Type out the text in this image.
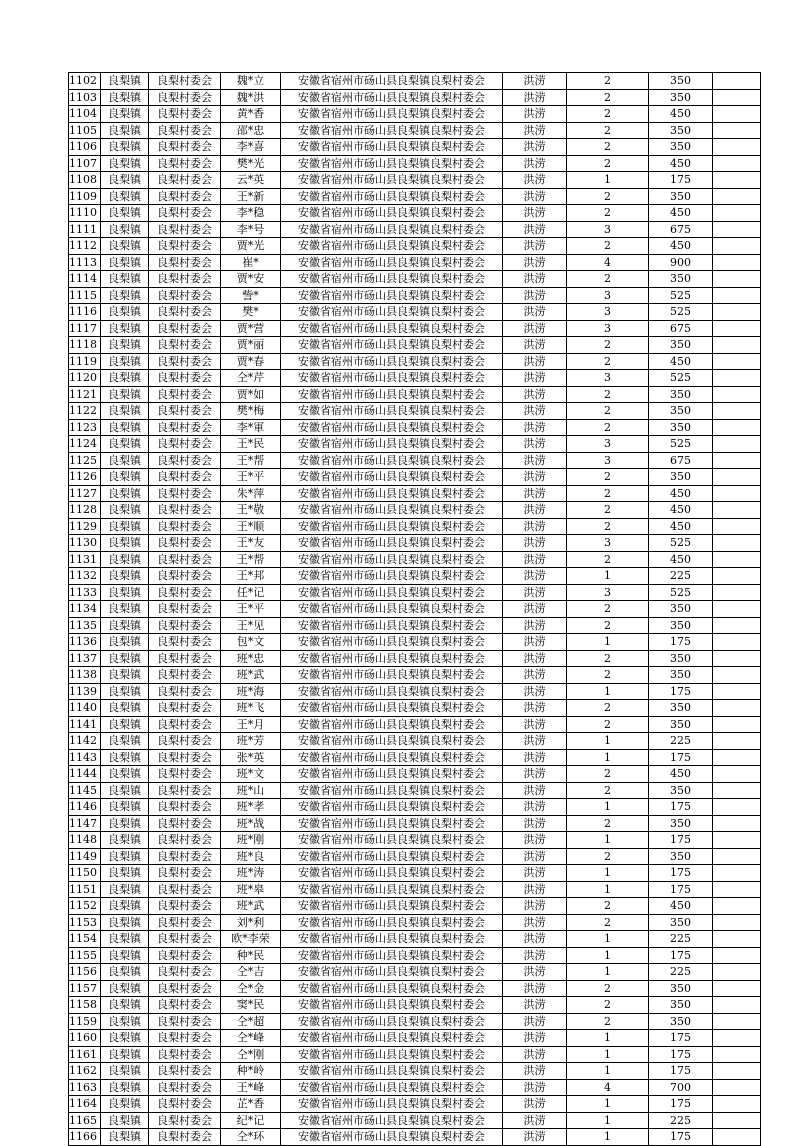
1102	良梨镇	良梨村委会	魏*立	安徽省宿州市砀山县良梨镇良梨村委会	洪涝	2	350	
1103	良梨镇	良梨村委会	魏*洪	安徽省宿州市砀山县良梨镇良梨村委会	洪涝	2	350	
1104	良梨镇	良梨村委会	黄*香	安徽省宿州市砀山县良梨镇良梨村委会	洪涝	2	450	
1105	良梨镇	良梨村委会	邵*忠	安徽省宿州市砀山县良梨镇良梨村委会	洪涝	2	350	
1106	良梨镇	良梨村委会	李*喜	安徽省宿州市砀山县良梨镇良梨村委会	洪涝	2	350	
1107	良梨镇	良梨村委会	樊*光	安徽省宿州市砀山县良梨镇良梨村委会	洪涝	2	450	
1108	良梨镇	良梨村委会	云*英	安徽省宿州市砀山县良梨镇良梨村委会	洪涝	1	175	
1109	良梨镇	良梨村委会	王*新	安徽省宿州市砀山县良梨镇良梨村委会	洪涝	2	350	
1110	良梨镇	良梨村委会	李*稳	安徽省宿州市砀山县良梨镇良梨村委会	洪涝	2	450	
1111	良梨镇	良梨村委会	李*号	安徽省宿州市砀山县良梨镇良梨村委会	洪涝	3	675	
1112	良梨镇	良梨村委会	贾*光	安徽省宿州市砀山县良梨镇良梨村委会	洪涝	2	450	
1113	良梨镇	良梨村委会	崔*	安徽省宿州市砀山县良梨镇良梨村委会	洪涝	4	900	
1114	良梨镇	良梨村委会	贾*安	安徽省宿州市砀山县良梨镇良梨村委会	洪涝	2	350	
1115	良梨镇	良梨村委会	訾*	安徽省宿州市砀山县良梨镇良梨村委会	洪涝	3	525	
1116	良梨镇	良梨村委会	樊*	安徽省宿州市砀山县良梨镇良梨村委会	洪涝	3	525	
1117	良梨镇	良梨村委会	贾*营	安徽省宿州市砀山县良梨镇良梨村委会	洪涝	3	675	
1118	良梨镇	良梨村委会	贾*丽	安徽省宿州市砀山县良梨镇良梨村委会	洪涝	2	350	
1119	良梨镇	良梨村委会	贾*春	安徽省宿州市砀山县良梨镇良梨村委会	洪涝	2	450	
1120	良梨镇	良梨村委会	仝*芹	安徽省宿州市砀山县良梨镇良梨村委会	洪涝	3	525	
1121	良梨镇	良梨村委会	贾*如	安徽省宿州市砀山县良梨镇良梨村委会	洪涝	2	350	
1122	良梨镇	良梨村委会	樊*梅	安徽省宿州市砀山县良梨镇良梨村委会	洪涝	2	350	
1123	良梨镇	良梨村委会	李*軍	安徽省宿州市砀山县良梨镇良梨村委会	洪涝	2	350	
1124	良梨镇	良梨村委会	王*民	安徽省宿州市砀山县良梨镇良梨村委会	洪涝	3	525	
1125	良梨镇	良梨村委会	王*帮	安徽省宿州市砀山县良梨镇良梨村委会	洪涝	3	675	
1126	良梨镇	良梨村委会	王*平	安徽省宿州市砀山县良梨镇良梨村委会	洪涝	2	350	
1127	良梨镇	良梨村委会	朱*萍	安徽省宿州市砀山县良梨镇良梨村委会	洪涝	2	450	
1128	良梨镇	良梨村委会	王*敬	安徽省宿州市砀山县良梨镇良梨村委会	洪涝	2	450	
1129	良梨镇	良梨村委会	王*顺	安徽省宿州市砀山县良梨镇良梨村委会	洪涝	2	450	
1130	良梨镇	良梨村委会	王*友	安徽省宿州市砀山县良梨镇良梨村委会	洪涝	3	525	
1131	良梨镇	良梨村委会	王*帮	安徽省宿州市砀山县良梨镇良梨村委会	洪涝	2	450	
1132	良梨镇	良梨村委会	王*邦	安徽省宿州市砀山县良梨镇良梨村委会	洪涝	1	225	
1133	良梨镇	良梨村委会	任*记	安徽省宿州市砀山县良梨镇良梨村委会	洪涝	3	525	
1134	良梨镇	良梨村委会	王*平	安徽省宿州市砀山县良梨镇良梨村委会	洪涝	2	350	
1135	良梨镇	良梨村委会	王*见	安徽省宿州市砀山县良梨镇良梨村委会	洪涝	2	350	
1136	良梨镇	良梨村委会	包*文	安徽省宿州市砀山县良梨镇良梨村委会	洪涝	1	175	
1137	良梨镇	良梨村委会	班*忠	安徽省宿州市砀山县良梨镇良梨村委会	洪涝	2	350	
1138	良梨镇	良梨村委会	班*武	安徽省宿州市砀山县良梨镇良梨村委会	洪涝	2	350	
1139	良梨镇	良梨村委会	班*海	安徽省宿州市砀山县良梨镇良梨村委会	洪涝	1	175	
1140	良梨镇	良梨村委会	班*飞	安徽省宿州市砀山县良梨镇良梨村委会	洪涝	2	350	
1141	良梨镇	良梨村委会	王*月	安徽省宿州市砀山县良梨镇良梨村委会	洪涝	2	350	
1142	良梨镇	良梨村委会	班*芳	安徽省宿州市砀山县良梨镇良梨村委会	洪涝	1	225	
1143	良梨镇	良梨村委会	张*英	安徽省宿州市砀山县良梨镇良梨村委会	洪涝	1	175	
1144	良梨镇	良梨村委会	班*文	安徽省宿州市砀山县良梨镇良梨村委会	洪涝	2	450	
1145	良梨镇	良梨村委会	班*山	安徽省宿州市砀山县良梨镇良梨村委会	洪涝	2	350	
1146	良梨镇	良梨村委会	班*孝	安徽省宿州市砀山县良梨镇良梨村委会	洪涝	1	175	
1147	良梨镇	良梨村委会	班*战	安徽省宿州市砀山县良梨镇良梨村委会	洪涝	2	350	
1148	良梨镇	良梨村委会	班*刚	安徽省宿州市砀山县良梨镇良梨村委会	洪涝	1	175	
1149	良梨镇	良梨村委会	班*良	安徽省宿州市砀山县良梨镇良梨村委会	洪涝	2	350	
1150	良梨镇	良梨村委会	班*涛	安徽省宿州市砀山县良梨镇良梨村委会	洪涝	1	175	
1151	良梨镇	良梨村委会	班*皋	安徽省宿州市砀山县良梨镇良梨村委会	洪涝	1	175	
1152	良梨镇	良梨村委会	班*武	安徽省宿州市砀山县良梨镇良梨村委会	洪涝	2	450	
1153	良梨镇	良梨村委会	刘*利	安徽省宿州市砀山县良梨镇良梨村委会	洪涝	2	350	
1154	良梨镇	良梨村委会	欧*李荣	安徽省宿州市砀山县良梨镇良梨村委会	洪涝	1	225	
1155	良梨镇	良梨村委会	种*民	安徽省宿州市砀山县良梨镇良梨村委会	洪涝	1	175	
1156	良梨镇	良梨村委会	仝*吉	安徽省宿州市砀山县良梨镇良梨村委会	洪涝	1	225	
1157	良梨镇	良梨村委会	仝*金	安徽省宿州市砀山县良梨镇良梨村委会	洪涝	2	350	
1158	良梨镇	良梨村委会	窦*民	安徽省宿州市砀山县良梨镇良梨村委会	洪涝	2	350	
1159	良梨镇	良梨村委会	仝*超	安徽省宿州市砀山县良梨镇良梨村委会	洪涝	2	350	
1160	良梨镇	良梨村委会	仝*峰	安徽省宿州市砀山县良梨镇良梨村委会	洪涝	1	175	
1161	良梨镇	良梨村委会	仝*刚	安徽省宿州市砀山县良梨镇良梨村委会	洪涝	1	175	
1162	良梨镇	良梨村委会	种*岭	安徽省宿州市砀山县良梨镇良梨村委会	洪涝	1	175	
1163	良梨镇	良梨村委会	王*峰	安徽省宿州市砀山县良梨镇良梨村委会	洪涝	4	700	
1164	良梨镇	良梨村委会	芷*香	安徽省宿州市砀山县良梨镇良梨村委会	洪涝	1	175	
1165	良梨镇	良梨村委会	纪*记	安徽省宿州市砀山县良梨镇良梨村委会	洪涝	1	225	
1166	良梨镇	良梨村委会	仝*环	安徽省宿州市砀山县良梨镇良梨村委会	洪涝	1	175	
